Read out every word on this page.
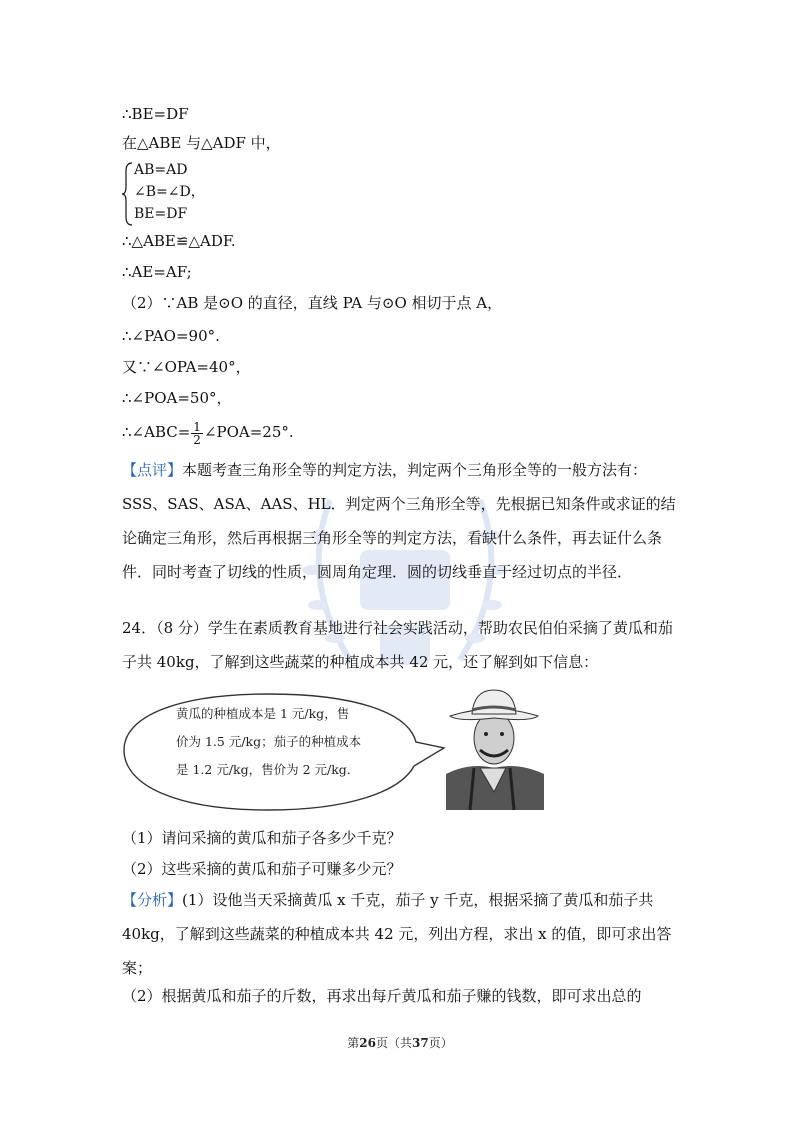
∴BE=DF
在△ABE 与△ADF 中，
AB=AD
∠B=∠D，
BE=DF
∴△ABE≌△ADF.
∴AE=AF;
（2）∵AB 是⊙O 的直径，直线 PA 与⊙O 相切于点 A，
∴∠PAO=90°.
又∵∠OPA=40°，
∴∠POA=50°，
∴∠ABC= $\frac{1}{2}$ ∠POA=25°.
【点评】本题考查三角形全等的判定方法，判定两个三角形全等的一般方法有：SSS、SAS、ASA、AAS、HL．判定两个三角形全等，先根据已知条件或求证的结论确定三角形，然后再根据三角形全等的判定方法，看缺什么条件，再去证什么条件．同时考查了切线的性质，圆周角定理．圆的切线垂直于经过切点的半径．
24．（8 分）学生在素质教育基地进行社会实践活动，帮助农民伯伯采摘了黄瓜和茄子共 40kg，了解到这些蔬菜的种植成本共 42 元，还了解到如下信息：
黄瓜的种植成本是 1 元/kg，售
价为 1.5 元/kg；茄子的种植成本
是 1.2 元/kg，售价为 2 元/kg．
（1）请问采摘的黄瓜和茄子各多少千克？
（2）这些采摘的黄瓜和茄子可赚多少元？
【分析】(1）设他当天采摘黄瓜 x 千克，茄子 y 千克，根据采摘了黄瓜和茄子共 40kg，了解到这些蔬菜的种植成本共 42 元，列出方程，求出 x 的值，即可求出答案；
（2）根据黄瓜和茄子的斤数，再求出每斤黄瓜和茄子赚的钱数，即可求出总的
第26页（共37页）
